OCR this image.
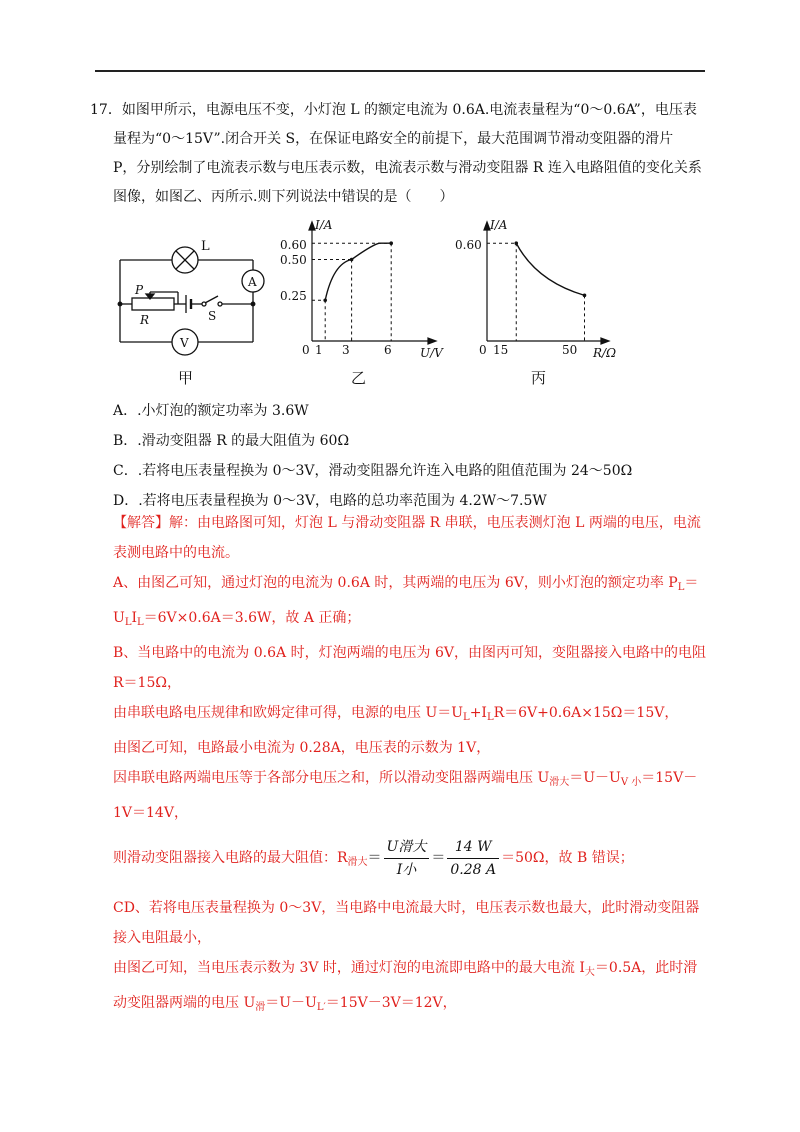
17．如图甲所示，电源电压不变，小灯泡 L 的额定电流为 0.6A.电流表量程为“0～0.6A”，电压表

量程为“0～15V”.闭合开关 S，在保证电路安全的前提下，最大范围调节滑动变阻器的滑片

P，分别绘制了电流表示数与电压表示数，电流表示数与滑动变阻器 R 连入电路阻值的变化关系

图像，如图乙、丙所示.则下列说法中错误的是（　　）

L
A
V
P
R	S
甲
I/A
U/V
0.60
0.50
0.25
0 1 3	6
乙
I/A
R/Ω
0.60
0 15	50
丙

A．.小灯泡的额定功率为 3.6W

B．.滑动变阻器 R 的最大阻值为 60Ω

C．.若将电压表量程换为 0～3V，滑动变阻器允许连入电路的阻值范围为 24～50Ω

D．.若将电压表量程换为 0～3V，电路的总功率范围为 4.2W～7.5W

【解答】解：由电路图可知，灯泡 L 与滑动变阻器 R 串联，电压表测灯泡 L 两端的电压，电流

表测电路中的电流。

A、由图乙可知，通过灯泡的电流为 0.6A 时，其两端的电压为 6V，则小灯泡的额定功率 $P_L=$

$U_LI_L=6V\times 0.6A=3.6W$，故 A 正确；

B、当电路中的电流为 0.6A 时，灯泡两端的电压为 6V，由图丙可知，变阻器接入电路中的电阻

R＝15Ω，

由串联电路电压规律和欧姆定律可得，电源的电压 $U=U_L+I_LR=6V+0.6A\times 15\Omega=15V$，

由图乙可知，电路最小电流为 0.28A，电压表的示数为 1V，

因串联电路两端电压等于各部分电压之和，所以滑动变阻器两端电压 $U_{滑大}=U-U_{V 小}=15V-$

1V＝14V，

则滑动变阻器接入电路的最大阻值：$R_{滑大}= \frac{\text{U滑大}}{\text{I小}} = \frac{14 W}{0.28 A} =50\Omega$，故 B 错误；

CD、若将电压表量程换为 0～3V，当电路中电流最大时，电压表示数也最大，此时滑动变阻器

接入电阻最小，

由图乙可知，当电压表示数为 3V 时，通过灯泡的电流即电路中的最大电流 $I_大=0.5A$，此时滑

动变阻器两端的电压 $U_滑=U-U_{L'}=15V-3V=12V$，
